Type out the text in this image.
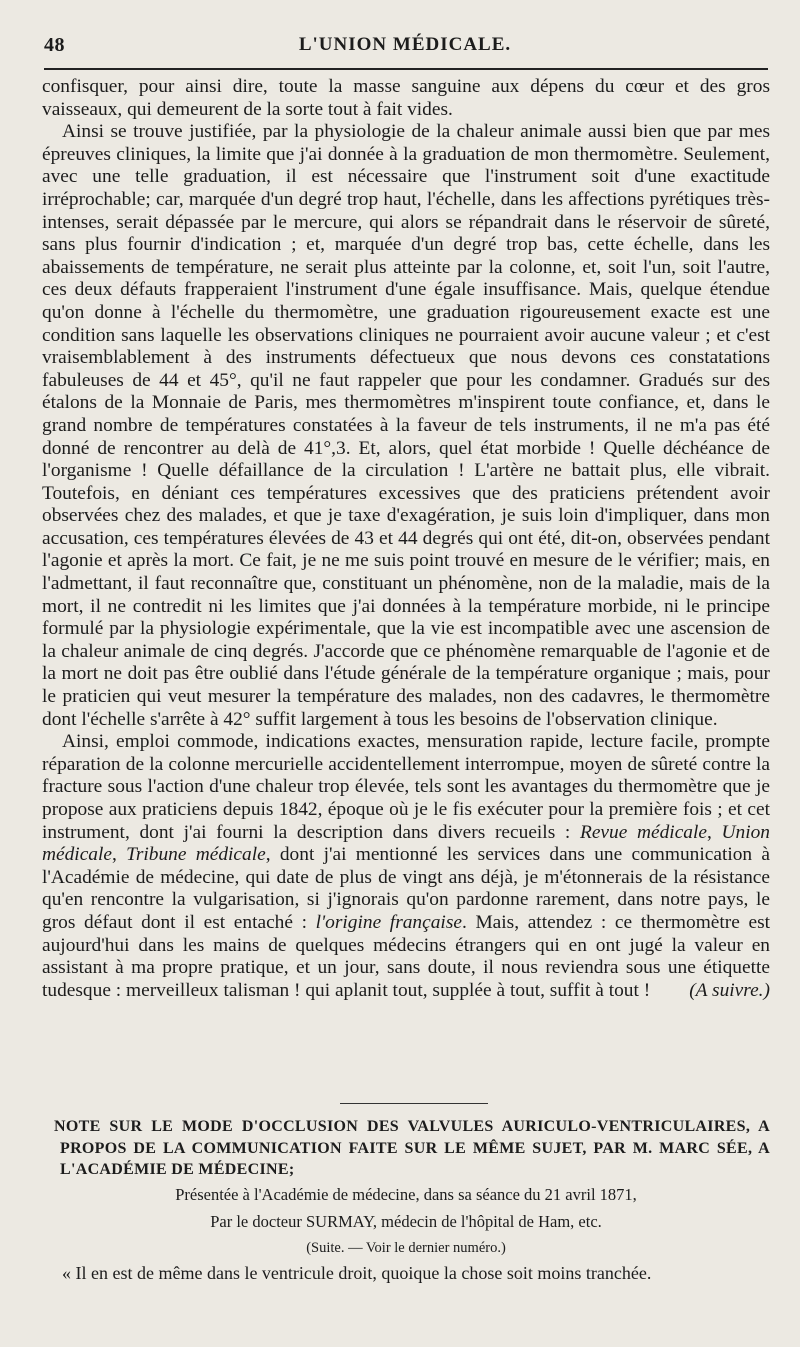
48	L'UNION MÉDICALE.

confisquer, pour ainsi dire, toute la masse sanguine aux dépens du cœur et des gros vaisseaux, qui demeurent de la sorte tout à fait vides.

Ainsi se trouve justifiée, par la physiologie de la chaleur animale aussi bien que par mes épreuves cliniques, la limite que j'ai donnée à la graduation de mon thermomètre. Seulement, avec une telle graduation, il est nécessaire que l'instrument soit d'une exactitude irréprochable; car, marquée d'un degré trop haut, l'échelle, dans les affections pyrétiques très-intenses, serait dépassée par le mercure, qui alors se répandrait dans le réservoir de sûreté, sans plus fournir d'indication ; et, marquée d'un degré trop bas, cette échelle, dans les abaissements de température, ne serait plus atteinte par la colonne, et, soit l'un, soit l'autre, ces deux défauts frapperaient l'instrument d'une égale insuffisance. Mais, quelque étendue qu'on donne à l'échelle du thermomètre, une graduation rigoureusement exacte est une condition sans laquelle les observations cliniques ne pourraient avoir aucune valeur ; et c'est vraisemblablement à des instruments défectueux que nous devons ces constatations fabuleuses de 44 et 45°, qu'il ne faut rappeler que pour les condamner. Gradués sur des étalons de la Monnaie de Paris, mes thermomètres m'inspirent toute confiance, et, dans le grand nombre de températures constatées à la faveur de tels instruments, il ne m'a pas été donné de rencontrer au delà de 41°,3. Et, alors, quel état morbide ! Quelle déchéance de l'organisme ! Quelle défaillance de la circulation ! L'artère ne battait plus, elle vibrait. Toutefois, en déniant ces températures excessives que des praticiens prétendent avoir observées chez des malades, et que je taxe d'exagération, je suis loin d'impliquer, dans mon accusation, ces températures élevées de 43 et 44 degrés qui ont été, dit-on, observées pendant l'agonie et après la mort. Ce fait, je ne me suis point trouvé en mesure de le vérifier; mais, en l'admettant, il faut reconnaître que, constituant un phénomène, non de la maladie, mais de la mort, il ne contredit ni les limites que j'ai données à la température morbide, ni le principe formulé par la physiologie expérimentale, que la vie est incompatible avec une ascension de la chaleur animale de cinq degrés. J'accorde que ce phénomène remarquable de l'agonie et de la mort ne doit pas être oublié dans l'étude générale de la température organique ; mais, pour le praticien qui veut mesurer la température des malades, non des cadavres, le thermomètre dont l'échelle s'arrête à 42° suffit largement à tous les besoins de l'observation clinique.

Ainsi, emploi commode, indications exactes, mensuration rapide, lecture facile, prompte réparation de la colonne mercurielle accidentellement interrompue, moyen de sûreté contre la fracture sous l'action d'une chaleur trop élevée, tels sont les avantages du thermomètre que je propose aux praticiens depuis 1842, époque où je le fis exécuter pour la première fois ; et cet instrument, dont j'ai fourni la description dans divers recueils : Revue médicale, Union médicale, Tribune médicale, dont j'ai mentionné les services dans une communication à l'Académie de médecine, qui date de plus de vingt ans déjà, je m'étonnerais de la résistance qu'en rencontre la vulgarisation, si j'ignorais qu'on pardonne rarement, dans notre pays, le gros défaut dont il est entaché : l'origine française. Mais, attendez : ce thermomètre est aujourd'hui dans les mains de quelques médecins étrangers qui en ont jugé la valeur en assistant à ma propre pratique, et un jour, sans doute, il nous reviendra sous une étiquette tudesque : merveilleux talisman ! qui aplanit tout, supplée à tout, suffit à tout !	(A suivre.)

NOTE SUR LE MODE D'OCCLUSION DES VALVULES AURICULO-VENTRICULAIRES, A PROPOS DE LA COMMUNICATION FAITE SUR LE MÊME SUJET, PAR M. MARC SÉE, A L'ACADÉMIE DE MÉDECINE;

Présentée à l'Académie de médecine, dans sa séance du 21 avril 1871,

Par le docteur SURMAY, médecin de l'hôpital de Ham, etc.

(Suite. — Voir le dernier numéro.)

« Il en est de même dans le ventricule droit, quoique la chose soit moins tranchée.
